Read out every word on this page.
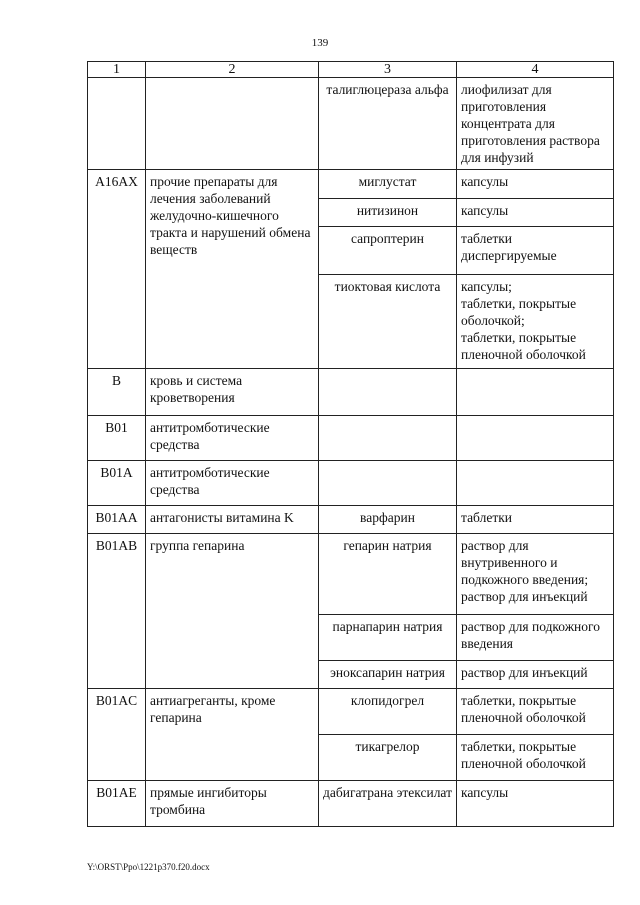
139
1	2	3	4
		талиглюцераза альфа	лиофилизат для приготовления концентрата для приготовления раствора для инфузий
A16AX	прочие препараты для лечения заболеваний желудочно-кишечного тракта и нарушений обмена веществ	миглустат	капсулы
		нитизинон	капсулы
		сапроптерин	таблетки диспергируемые
		тиоктовая кислота	капсулы;
таблетки, покрытые оболочкой;
таблетки, покрытые пленочной оболочкой

B	кровь и система кроветворения		
B01	антитромботические средства		
B01A	антитромботические средства		
B01AA	антагонисты витамина K	варфарин	таблетки
B01AB	группа гепарина	гепарин натрия	раствор для внутривенного и подкожного введения;
раствор для инъекций

		парнапарин натрия	раствор для подкожного введения
		эноксапарин натрия	раствор для инъекций
B01AC	антиагреганты, кроме гепарина	клопидогрел	таблетки, покрытые пленочной оболочкой
		тикагрелор	таблетки, покрытые пленочной оболочкой
B01AE	прямые ингибиторы тромбина	дабигатрана этексилат	капсулы
Y:\ORST\Ppo\1221p370.f20.docx
